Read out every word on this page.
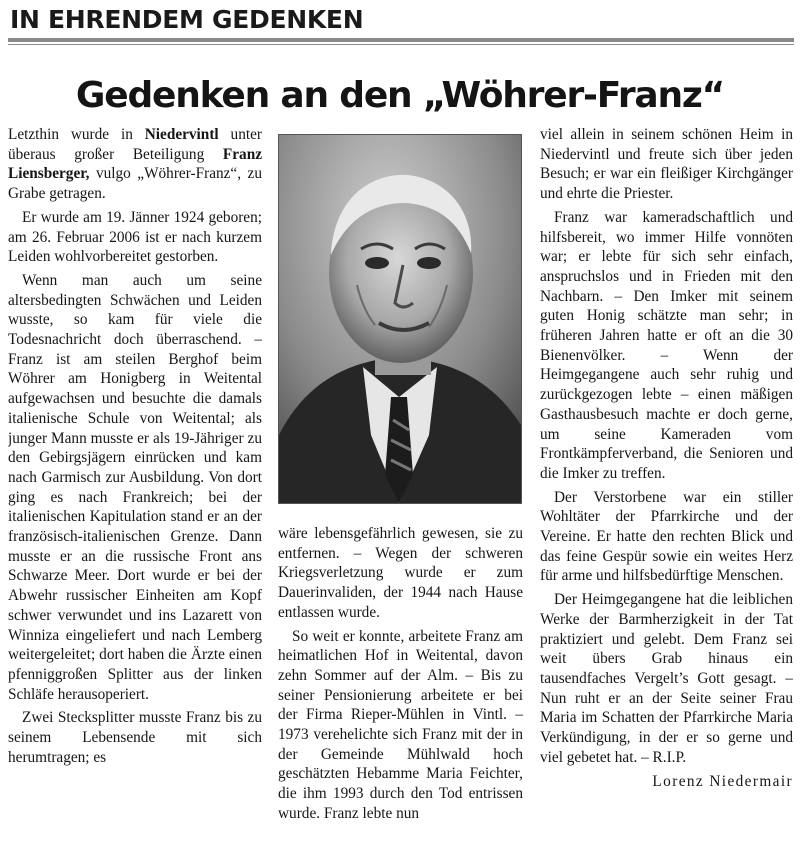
IN EHRENDEM GEDENKEN
Gedenken an den „Wöhrer-Franz“

Letzthin wurde in Niedervintl unter überaus großer Beteiligung Franz Liensberger, vulgo „Wöhrer-Franz“, zu Grabe getragen.

Er wurde am 19. Jänner 1924 geboren; am 26. Februar 2006 ist er nach kurzem Leiden wohlvorbereitet gestorben.

Wenn man auch um seine altersbedingten Schwächen und Leiden wusste, so kam für viele die Todesnachricht doch überraschend. – Franz ist am steilen Berghof beim Wöhrer am Honigberg in Weitental aufgewachsen und besuchte die damals italienische Schule von Weitental; als junger Mann musste er als 19-Jähriger zu den Gebirgsjägern einrücken und kam nach Garmisch zur Ausbildung. Von dort ging es nach Frankreich; bei der italienischen Kapitulation stand er an der französisch-italienischen Grenze. Dann musste er an die russische Front ans Schwarze Meer. Dort wurde er bei der Abwehr russischer Einheiten am Kopf schwer verwundet und ins Lazarett von Winniza eingeliefert und nach Lemberg weitergeleitet; dort haben die Ärzte einen pfenniggroßen Splitter aus der linken Schläfe herausoperiert.

Zwei Stecksplitter musste Franz bis zu seinem Lebensende mit sich herumtragen; es

wäre lebensgefährlich gewesen, sie zu entfernen. – Wegen der schweren Kriegsverletzung wurde er zum Dauerinvaliden, der 1944 nach Hause entlassen wurde.

So weit er konnte, arbeitete Franz am heimatlichen Hof in Weitental, davon zehn Sommer auf der Alm. – Bis zu seiner Pensionierung arbeitete er bei der Firma Rieper-Mühlen in Vintl. – 1973 verehelichte sich Franz mit der in der Gemeinde Mühlwald hoch geschätzten Hebamme Maria Feichter, die ihm 1993 durch den Tod entrissen wurde. Franz lebte nun

viel allein in seinem schönen Heim in Niedervintl und freute sich über jeden Besuch; er war ein fleißiger Kirchgänger und ehrte die Priester.

Franz war kameradschaftlich und hilfsbereit, wo immer Hilfe vonnöten war; er lebte für sich sehr einfach, anspruchslos und in Frieden mit den Nachbarn. – Den Imker mit seinem guten Honig schätzte man sehr; in früheren Jahren hatte er oft an die 30 Bienenvölker. – Wenn der Heimgegangene auch sehr ruhig und zurückgezogen lebte – einen mäßigen Gasthausbesuch machte er doch gerne, um seine Kameraden vom Frontkämpferverband, die Senioren und die Imker zu treffen.

Der Verstorbene war ein stiller Wohltäter der Pfarrkirche und der Vereine. Er hatte den rechten Blick und das feine Gespür sowie ein weites Herz für arme und hilfsbedürftige Menschen.

Der Heimgegangene hat die leiblichen Werke der Barmherzigkeit in der Tat praktiziert und gelebt. Dem Franz sei weit übers Grab hinaus ein tausendfaches Vergelt’s Gott gesagt. – Nun ruht er an der Seite seiner Frau Maria im Schatten der Pfarrkirche Maria Verkündigung, in der er so gerne und viel gebetet hat. – R.I.P.

Lorenz Niedermair
